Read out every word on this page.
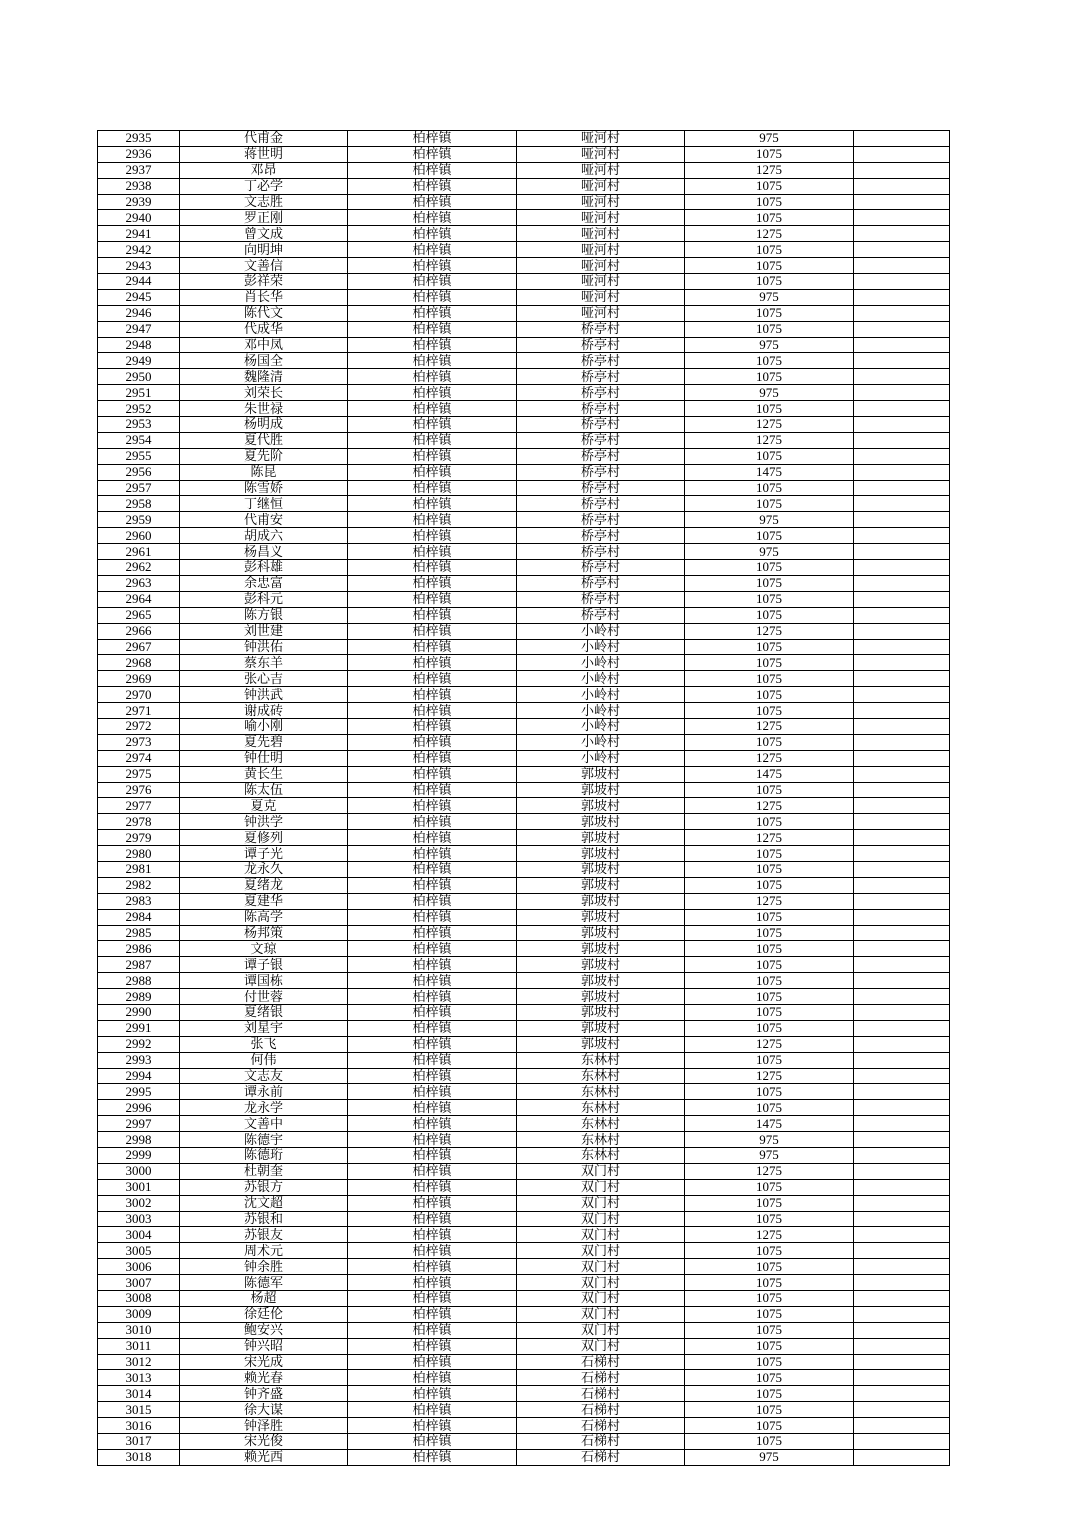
2935	代甫金	柏梓镇	哑河村	975	
2936	蒋世明	柏梓镇	哑河村	1075	
2937	邓昂	柏梓镇	哑河村	1275	
2938	丁必学	柏梓镇	哑河村	1075	
2939	文志胜	柏梓镇	哑河村	1075	
2940	罗正刚	柏梓镇	哑河村	1075	
2941	曾文成	柏梓镇	哑河村	1275	
2942	向明坤	柏梓镇	哑河村	1075	
2943	文善信	柏梓镇	哑河村	1075	
2944	彭祥荣	柏梓镇	哑河村	1075	
2945	肖长华	柏梓镇	哑河村	975	
2946	陈代文	柏梓镇	哑河村	1075	
2947	代成华	柏梓镇	桥亭村	1075	
2948	邓中凤	柏梓镇	桥亭村	975	
2949	杨国全	柏梓镇	桥亭村	1075	
2950	魏隆清	柏梓镇	桥亭村	1075	
2951	刘荣长	柏梓镇	桥亭村	975	
2952	朱世禄	柏梓镇	桥亭村	1075	
2953	杨明成	柏梓镇	桥亭村	1275	
2954	夏代胜	柏梓镇	桥亭村	1275	
2955	夏先阶	柏梓镇	桥亭村	1075	
2956	陈昆	柏梓镇	桥亭村	1475	
2957	陈雪娇	柏梓镇	桥亭村	1075	
2958	丁继恒	柏梓镇	桥亭村	1075	
2959	代甫安	柏梓镇	桥亭村	975	
2960	胡成六	柏梓镇	桥亭村	1075	
2961	杨昌义	柏梓镇	桥亭村	975	
2962	彭科雄	柏梓镇	桥亭村	1075	
2963	余忠富	柏梓镇	桥亭村	1075	
2964	彭科元	柏梓镇	桥亭村	1075	
2965	陈方银	柏梓镇	桥亭村	1075	
2966	刘世建	柏梓镇	小岭村	1275	
2967	钟洪佑	柏梓镇	小岭村	1075	
2968	蔡东羊	柏梓镇	小岭村	1075	
2969	张心吉	柏梓镇	小岭村	1075	
2970	钟洪武	柏梓镇	小岭村	1075	
2971	谢成砖	柏梓镇	小岭村	1075	
2972	喻小刚	柏梓镇	小岭村	1275	
2973	夏先碧	柏梓镇	小岭村	1075	
2974	钟仕明	柏梓镇	小岭村	1275	
2975	黄长生	柏梓镇	郭坡村	1475	
2976	陈太伍	柏梓镇	郭坡村	1075	
2977	夏克	柏梓镇	郭坡村	1275	
2978	钟洪学	柏梓镇	郭坡村	1075	
2979	夏修列	柏梓镇	郭坡村	1275	
2980	谭子光	柏梓镇	郭坡村	1075	
2981	龙永久	柏梓镇	郭坡村	1075	
2982	夏绪龙	柏梓镇	郭坡村	1075	
2983	夏建华	柏梓镇	郭坡村	1275	
2984	陈高学	柏梓镇	郭坡村	1075	
2985	杨邦策	柏梓镇	郭坡村	1075	
2986	文琼	柏梓镇	郭坡村	1075	
2987	谭子银	柏梓镇	郭坡村	1075	
2988	谭国栋	柏梓镇	郭坡村	1075	
2989	付世蓉	柏梓镇	郭坡村	1075	
2990	夏绪银	柏梓镇	郭坡村	1075	
2991	刘星宇	柏梓镇	郭坡村	1075	
2992	张飞	柏梓镇	郭坡村	1275	
2993	何伟	柏梓镇	东林村	1075	
2994	文志友	柏梓镇	东林村	1275	
2995	谭永前	柏梓镇	东林村	1075	
2996	龙永学	柏梓镇	东林村	1075	
2997	文善中	柏梓镇	东林村	1475	
2998	陈德宇	柏梓镇	东林村	975	
2999	陈德珩	柏梓镇	东林村	975	
3000	杜朝奎	柏梓镇	双门村	1275	
3001	苏银方	柏梓镇	双门村	1075	
3002	沈文超	柏梓镇	双门村	1075	
3003	苏银和	柏梓镇	双门村	1075	
3004	苏银友	柏梓镇	双门村	1275	
3005	周术元	柏梓镇	双门村	1075	
3006	钟余胜	柏梓镇	双门村	1075	
3007	陈德军	柏梓镇	双门村	1075	
3008	杨超	柏梓镇	双门村	1075	
3009	徐廷伦	柏梓镇	双门村	1075	
3010	鲍安兴	柏梓镇	双门村	1075	
3011	钟兴昭	柏梓镇	双门村	1075	
3012	宋光成	柏梓镇	石梯村	1075	
3013	赖光春	柏梓镇	石梯村	1075	
3014	钟齐盛	柏梓镇	石梯村	1075	
3015	徐大谋	柏梓镇	石梯村	1075	
3016	钟泽胜	柏梓镇	石梯村	1075	
3017	宋光俊	柏梓镇	石梯村	1075	
3018	赖光西	柏梓镇	石梯村	975	
